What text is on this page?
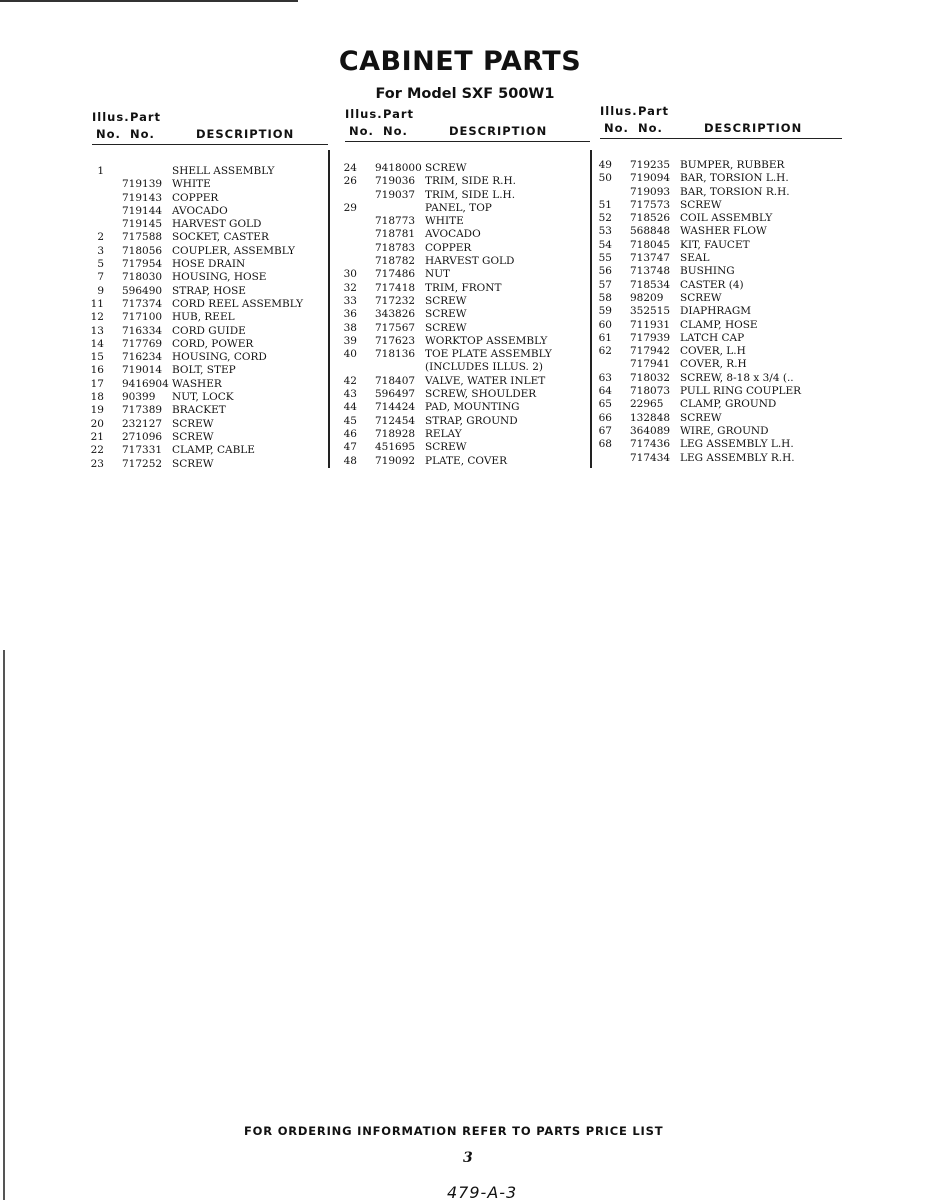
CABINET PARTS
For Model SXF 500W1
Illus. Part
No. No.	DESCRIPTION
1	SHELL ASSEMBLY
719139 WHITE
719143 COPPER
719144 AVOCADO
719145 HARVEST GOLD
2 717588 SOCKET, CASTER
3 718056 COUPLER, ASSEMBLY
5 717954 HOSE DRAIN
7 718030 HOUSING, HOSE
9 596490 STRAP, HOSE
11 717374 CORD REEL ASSEMBLY
12 717100 HUB, REEL
13 716334 CORD GUIDE
14 717769 CORD, POWER
15 716234 HOUSING, CORD
16 719014 BOLT, STEP
17 9416904 WASHER
18 90399 NUT, LOCK
19 717389 BRACKET
20 232127 SCREW
21 271096 SCREW
22 717331 CLAMP, CABLE
23 717252 SCREW
Illus. Part
No. No.	DESCRIPTION
24 9418000 SCREW
26 719036 TRIM, SIDE R.H.
719037 TRIM, SIDE L.H.
29	PANEL, TOP
718773 WHITE
718781 AVOCADO
718783 COPPER
718782 HARVEST GOLD
30 717486 NUT
32 717418 TRIM, FRONT
33 717232 SCREW
36 343826 SCREW
38 717567 SCREW
39 717623 WORKTOP ASSEMBLY
40 718136 TOE PLATE ASSEMBLY
(INCLUDES ILLUS. 2)
42 718407 VALVE, WATER INLET
43 596497 SCREW, SHOULDER
44 714424 PAD, MOUNTING
45 712454 STRAP, GROUND
46 718928 RELAY
47 451695 SCREW
48 719092 PLATE, COVER
Illus. Part
No. No.	DESCRIPTION
49 719235 BUMPER, RUBBER
50 719094 BAR, TORSION L.H.
719093 BAR, TORSION R.H.
51 717573 SCREW
52 718526 COIL ASSEMBLY
53 568848 WASHER FLOW
54 718045 KIT, FAUCET
55 713747 SEAL
56 713748 BUSHING
57 718534 CASTER (4)
58 98209 SCREW
59 352515 DIAPHRAGM
60 711931 CLAMP, HOSE
61 717939 LATCH CAP
62 717942 COVER, L.H
717941 COVER, R.H
63 718032 SCREW, 8-18 x 3/4 (..
64 718073 PULL RING COUPLER
65 22965 CLAMP, GROUND
66 132848 SCREW
67 364089 WIRE, GROUND
68 717436 LEG ASSEMBLY L.H.
717434 LEG ASSEMBLY R.H.
FOR ORDERING INFORMATION REFER TO PARTS PRICE LIST
3
479-A-3
